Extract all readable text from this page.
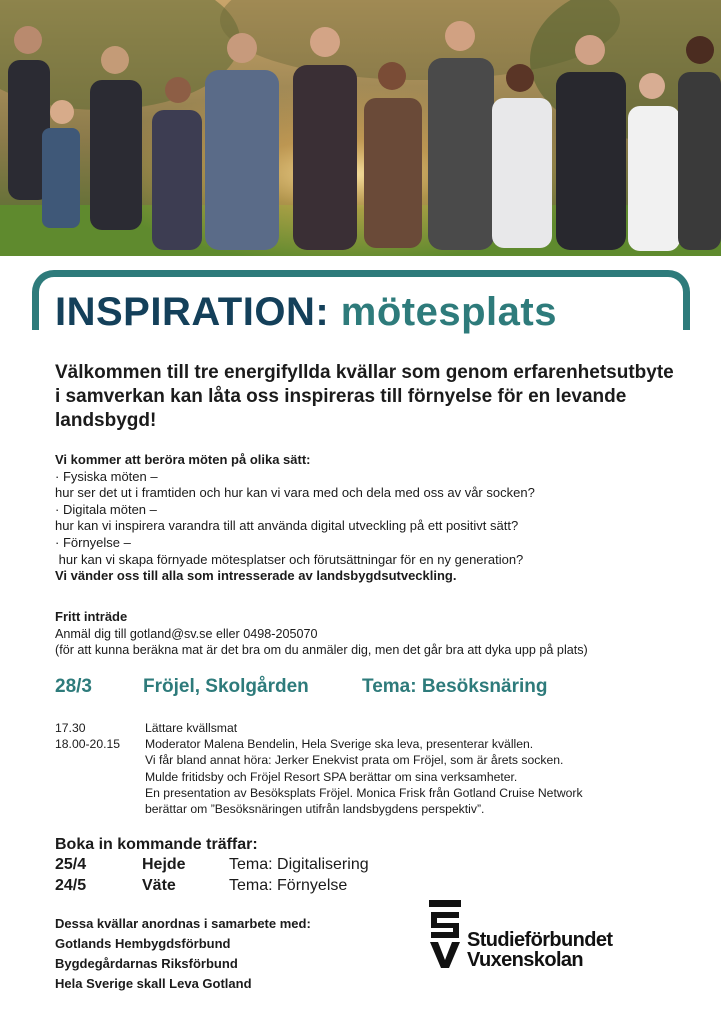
INSPIRATION: mötesplats

Välkommen till tre energifyllda kvällar som genom erfarenhetsutbyte i samverkan kan låta oss inspireras till förnyelse för en levande landsbygd!

Vi kommer att beröra möten på olika sätt:
· Fysiska möten –
hur ser det ut i framtiden och hur kan vi vara med och dela med oss av vår socken?
· Digitala möten –
hur kan vi inspirera varandra till att använda digital utveckling på ett positivt sätt?
· Förnyelse –
hur kan vi skapa förnyade mötesplatser och förutsättningar för en ny generation?
Vi vänder oss till alla som intresserade av landsbygdsutveckling.
Fritt inträde
Anmäl dig till gotland@sv.se eller 0498-205070
(för att kunna beräkna mat är det bra om du anmäler dig, men det går bra att dyka upp på plats)
28/3	Fröjel, Skolgården	Tema: Besöksnäring
17.30	Lättare kvällsmat
18.00-20.15 Moderator Malena Bendelin, Hela Sverige ska leva, presenterar kvällen.
Vi får bland annat höra: Jerker Enekvist prata om Fröjel, som är årets socken.
Mulde fritidsby och Fröjel Resort SPA berättar om sina verksamheter.
En presentation av Besöksplats Fröjel. Monica Frisk från Gotland Cruise Network
berättar om ”Besöksnäringen utifrån landsbygdens perspektiv”.
Boka in kommande träffar:
25/4	Hejde	Tema: Digitalisering
24/5	Väte	Tema: Förnyelse
Dessa kvällar anordnas i samarbete med:
Gotlands Hembygdsförbund
Bygdegårdarnas Riksförbund
Hela Sverige skall Leva Gotland
Studieförbundet
Vuxenskolan
